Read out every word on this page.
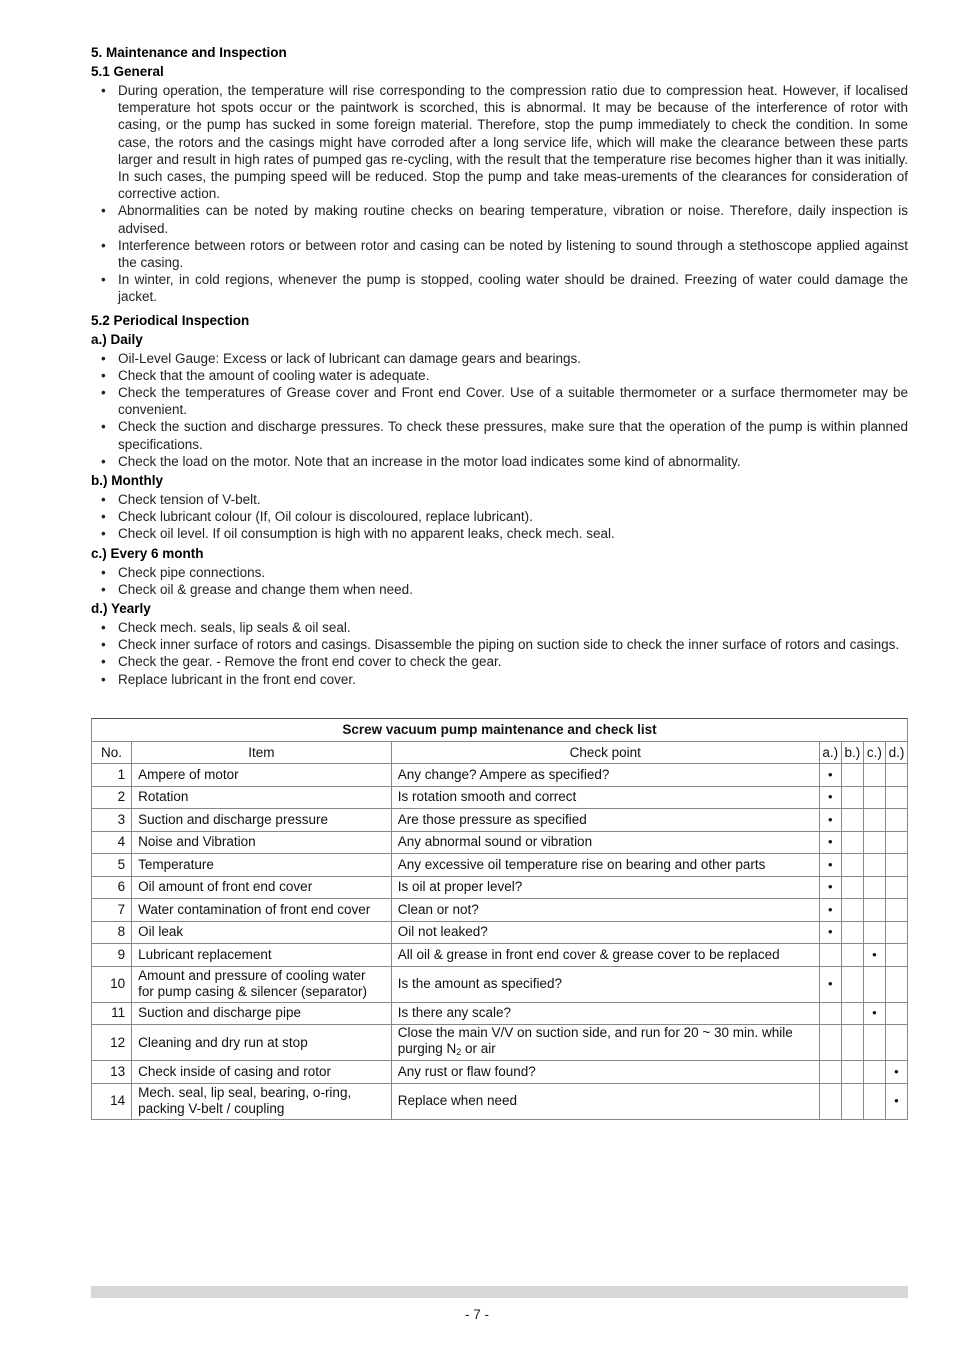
5. Maintenance and Inspection
5.1 General
• During operation, the temperature will rise corresponding to the compression ratio due to compression heat. However, if localised temperature hot spots occur or the paintwork is scorched, this is abnormal. It may be because of the interference of rotor with casing, or the pump has sucked in some foreign material. Therefore, stop the pump immediately to check the condition. In some case, the rotors and the casings might have corroded after a long service life, which will make the clearance between these parts larger and result in high rates of pumped gas re-cycling, with the result that the temperature rise becomes higher than it was initially. In such cases, the pumping speed will be reduced. Stop the pump and take meas-urements of the clearances for consideration of corrective action.
• Abnormalities can be noted by making routine checks on bearing temperature, vibration or noise. Therefore, daily inspection is advised.
• Interference between rotors or between rotor and casing can be noted by listening to sound through a stethoscope applied against the casing.
• In winter, in cold regions, whenever the pump is stopped, cooling water should be drained. Freezing of water could damage the jacket.
5.2 Periodical Inspection
a.) Daily
• Oil-Level Gauge: Excess or lack of lubricant can damage gears and bearings.
• Check that the amount of cooling water is adequate.
• Check the temperatures of Grease cover and Front end Cover. Use of a suitable thermometer or a surface thermometer may be convenient.
• Check the suction and discharge pressures. To check these pressures, make sure that the operation of the pump is within planned specifications.
• Check the load on the motor. Note that an increase in the motor load indicates some kind of abnormality.
b.) Monthly
• Check tension of V-belt.
• Check lubricant colour (If, Oil colour is discoloured, replace lubricant).
• Check oil level. If oil consumption is high with no apparent leaks, check mech. seal.
c.) Every 6 month
• Check pipe connections.
• Check oil & grease and change them when need.
d.) Yearly
• Check mech. seals, lip seals & oil seal.
• Check inner surface of rotors and casings. Disassemble the piping on suction side to check the inner surface of rotors and casings.
• Check the gear. - Remove the front end cover to check the gear.
• Replace lubricant in the front end cover.
Screw vacuum pump maintenance and check list						
No.	Item	Check point	a.)	b.)	c.)	d.)
1	Ampere of motor	Any change? Ampere as specified?	•			
2	Rotation	Is rotation smooth and correct	•			
3	Suction and discharge pressure	Are those pressure as specified	•			
4	Noise and Vibration	Any abnormal sound or vibration	•			
5	Temperature	Any excessive oil temperature rise on bearing and other parts	•			
6	Oil amount of front end cover	Is oil at proper level?	•			
7	Water contamination of front end cover	Clean or not?	•			
8	Oil leak	Oil not leaked?	•			
9	Lubricant replacement	All oil & grease in front end cover & grease cover to be replaced			•	
10	Amount and pressure of cooling water for pump casing & silencer (separator)	Is the amount as specified?	•			
11	Suction and discharge pipe	Is there any scale?			•	
12	Cleaning and dry run at stop	Close the main V/V on suction side, and run for 20 ~ 30 min. while purging $N_2$ or air				
13	Check inside of casing and rotor	Any rust or flaw found?				•
14	Mech. seal, lip seal, bearing, o-ring, packing V-belt / coupling	Replace when need				•
- 7 -
